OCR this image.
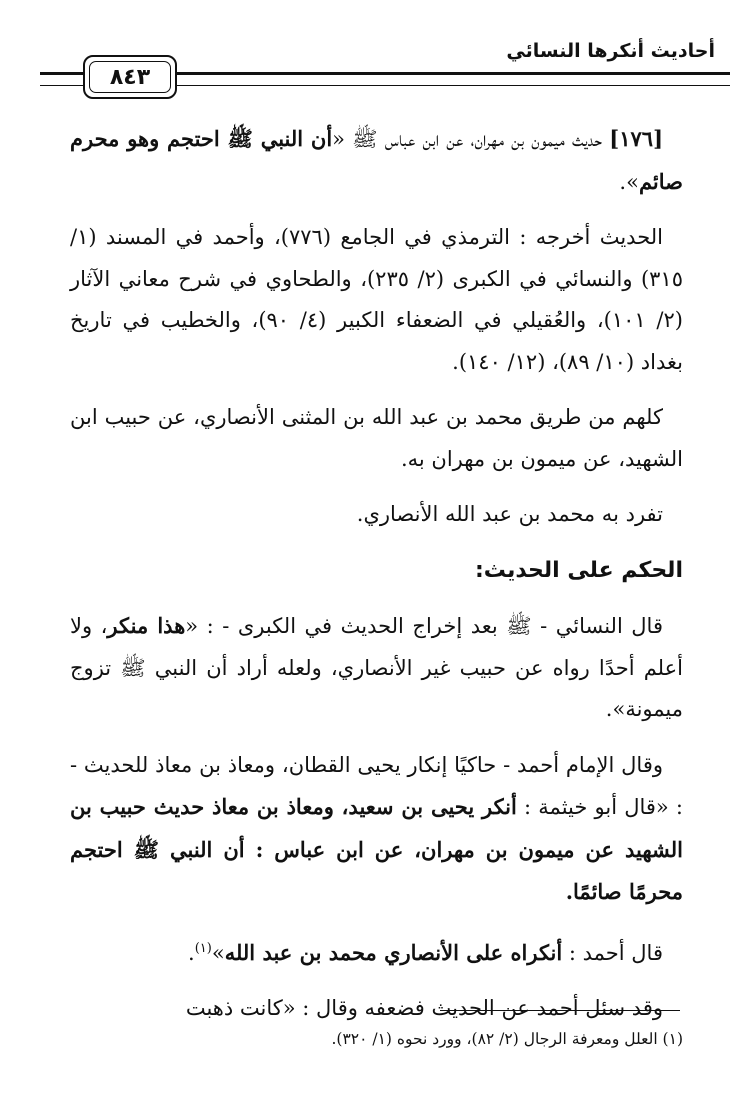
أحاديث أنكرها النسائي
٨٤٣

[١٧٦] حديث ميمون بن مهران، عن ابن عباس ﷺ «أن النبي ﷺ احتجم وهو محرم صائم».

الحديث أخرجه : الترمذي في الجامع (٧٧٦)، وأحمد في المسند (١/ ٣١٥) والنسائي في الكبرى (٢/ ٢٣٥)، والطحاوي في شرح معاني الآثار (٢/ ١٠١)، والعُقيلي في الضعفاء الكبير (٤/ ٩٠)، والخطيب في تاريخ بغداد (١٠/ ٨٩)، (١٢/ ١٤٠).

كلهم من طريق محمد بن عبد الله بن المثنى الأنصاري، عن حبيب ابن الشهيد، عن ميمون بن مهران به.

تفرد به محمد بن عبد الله الأنصاري.

الحكم على الحديث:

قال النسائي - ﷺ بعد إخراج الحديث في الكبرى - : «هذا منكر، ولا أعلم أحدًا رواه عن حبيب غير الأنصاري، ولعله أراد أن النبي ﷺ تزوج ميمونة».

وقال الإمام أحمد - حاكيًا إنكار يحيى القطان، ومعاذ بن معاذ للحديث - : «قال أبو خيثمة : أنكر يحيى بن سعيد، ومعاذ بن معاذ حديث حبيب بن الشهيد عن ميمون بن مهران، عن ابن عباس : أن النبي ﷺ احتجم محرمًا صائمًا.

قال أحمد : أنكراه على الأنصاري محمد بن عبد الله»$^{(١)}$.

وقد سئل أحمد عن الحديث فضعفه وقال : «كانت ذهبت

(١) العلل ومعرفة الرجال (٢/ ٨٢)، وورد نحوه (١/ ٣٢٠).
